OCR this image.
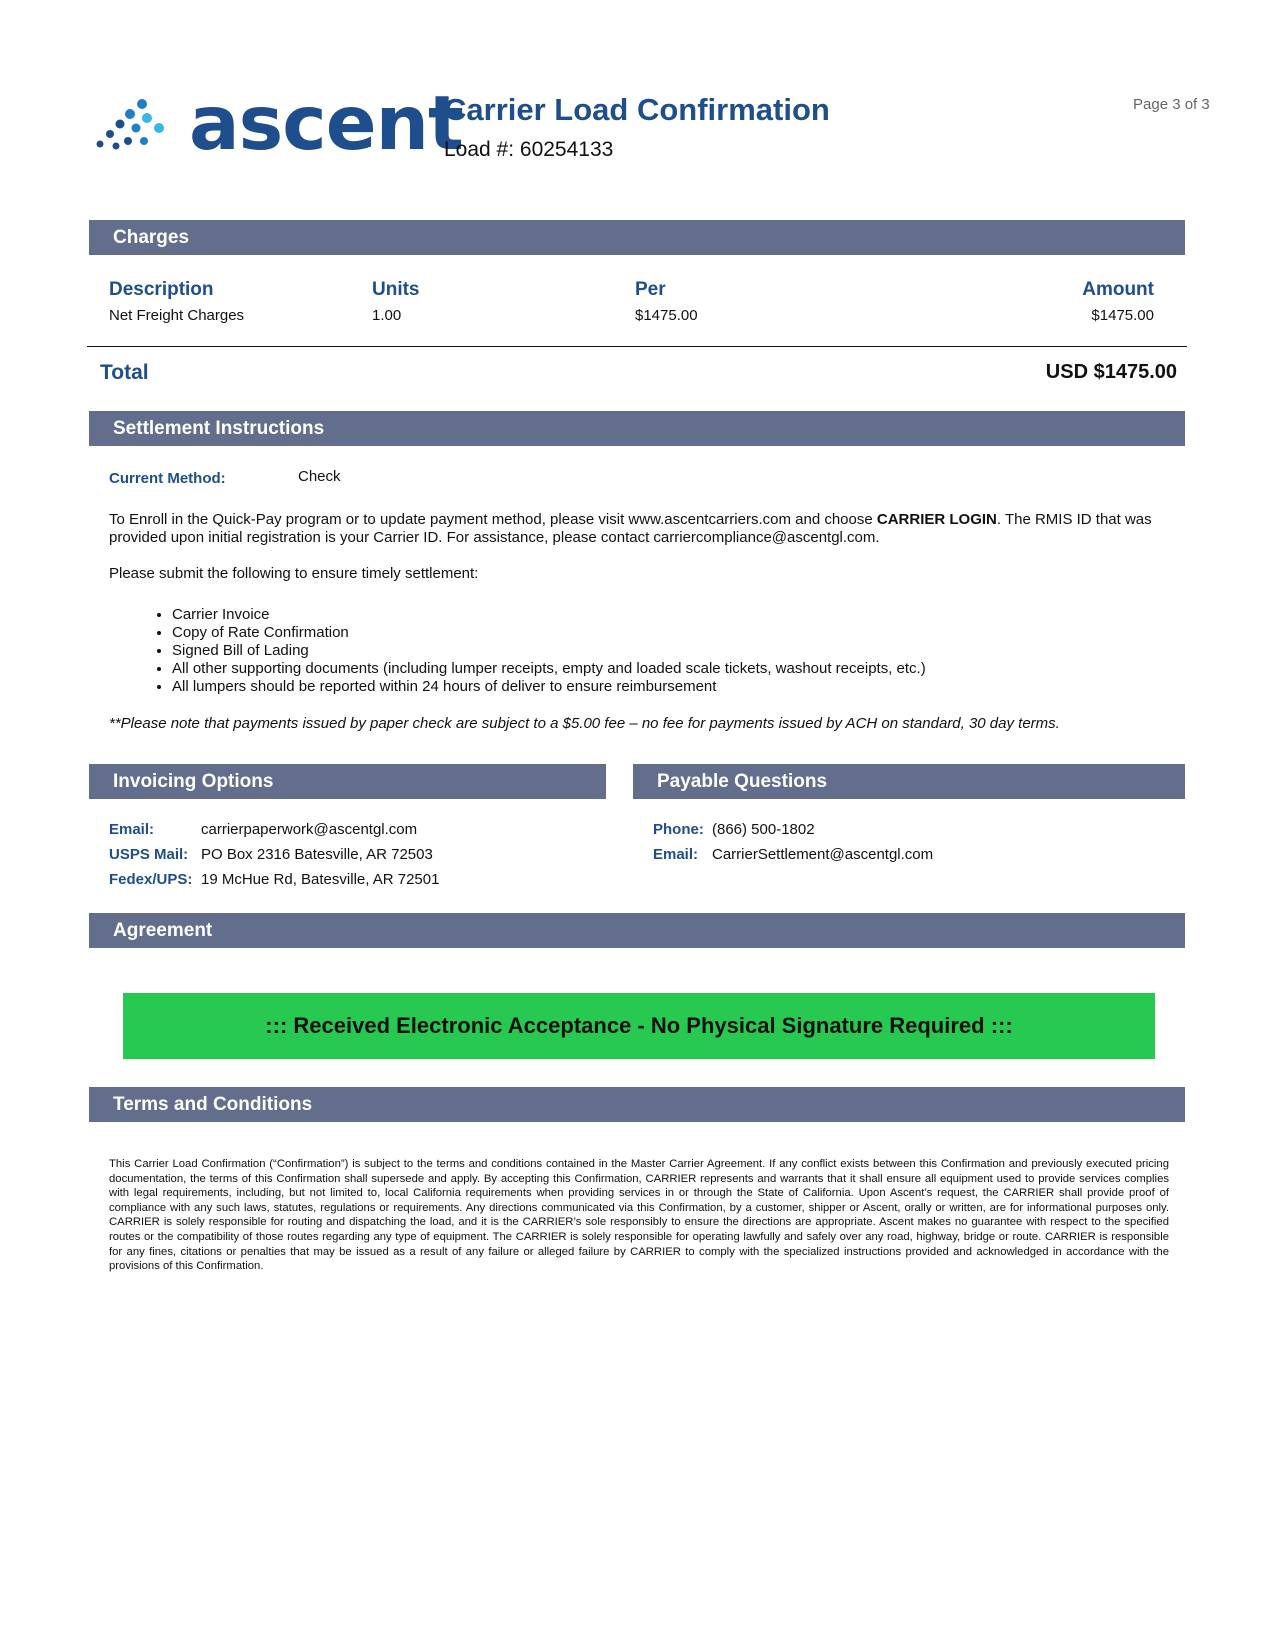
ascent
Carrier Load Confirmation
Load #: 60254133
Page 3 of 3
Charges
Description	Units	Per	Amount
Net Freight Charges	1.00	$1475.00	$1475.00
Total	USD $1475.00
Settlement Instructions
Current Method:	Check
To Enroll in the Quick-Pay program or to update payment method, please visit www.ascentcarriers.com and choose CARRIER LOGIN. The RMIS ID that was provided upon initial registration is your Carrier ID. For assistance, please contact carriercompliance@ascentgl.com.
Please submit the following to ensure timely settlement:
• Carrier Invoice
• Copy of Rate Confirmation
• Signed Bill of Lading
• All other supporting documents (including lumper receipts, empty and loaded scale tickets, washout receipts, etc.)
• All lumpers should be reported within 24 hours of deliver to ensure reimbursement
**Please note that payments issued by paper check are subject to a $5.00 fee – no fee for payments issued by ACH on standard, 30 day terms.
Invoicing Options	Payable Questions
Email:	carrierpaperwork@ascentgl.com
USPS Mail: PO Box 2316 Batesville, AR 72503
Fedex/UPS: 19 McHue Rd, Batesville, AR 72501
Phone: (866) 500-1802
Email: CarrierSettlement@ascentgl.com
Agreement
::: Received Electronic Acceptance - No Physical Signature Required :::
Terms and Conditions
This Carrier Load Confirmation (“Confirmation”) is subject to the terms and conditions contained in the Master Carrier Agreement. If any conflict exists between this Confirmation and previously executed pricing documentation, the terms of this Confirmation shall supersede and apply. By accepting this Confirmation, CARRIER represents and warrants that it shall ensure all equipment used to provide services complies with legal requirements, including, but not limited to, local California requirements when providing services in or through the State of California. Upon Ascent’s request, the CARRIER shall provide proof of compliance with any such laws, statutes, regulations or requirements. Any directions communicated via this Confirmation, by a customer, shipper or Ascent, orally or written, are for informational purposes only. CARRIER is solely responsible for routing and dispatching the load, and it is the CARRIER’s sole responsibly to ensure the directions are appropriate. Ascent makes no guarantee with respect to the specified routes or the compatibility of those routes regarding any type of equipment. The CARRIER is solely responsible for operating lawfully and safely over any road, highway, bridge or route. CARRIER is responsible for any fines, citations or penalties that may be issued as a result of any failure or alleged failure by CARRIER to comply with the specialized instructions provided and acknowledged in accordance with the provisions of this Confirmation.
